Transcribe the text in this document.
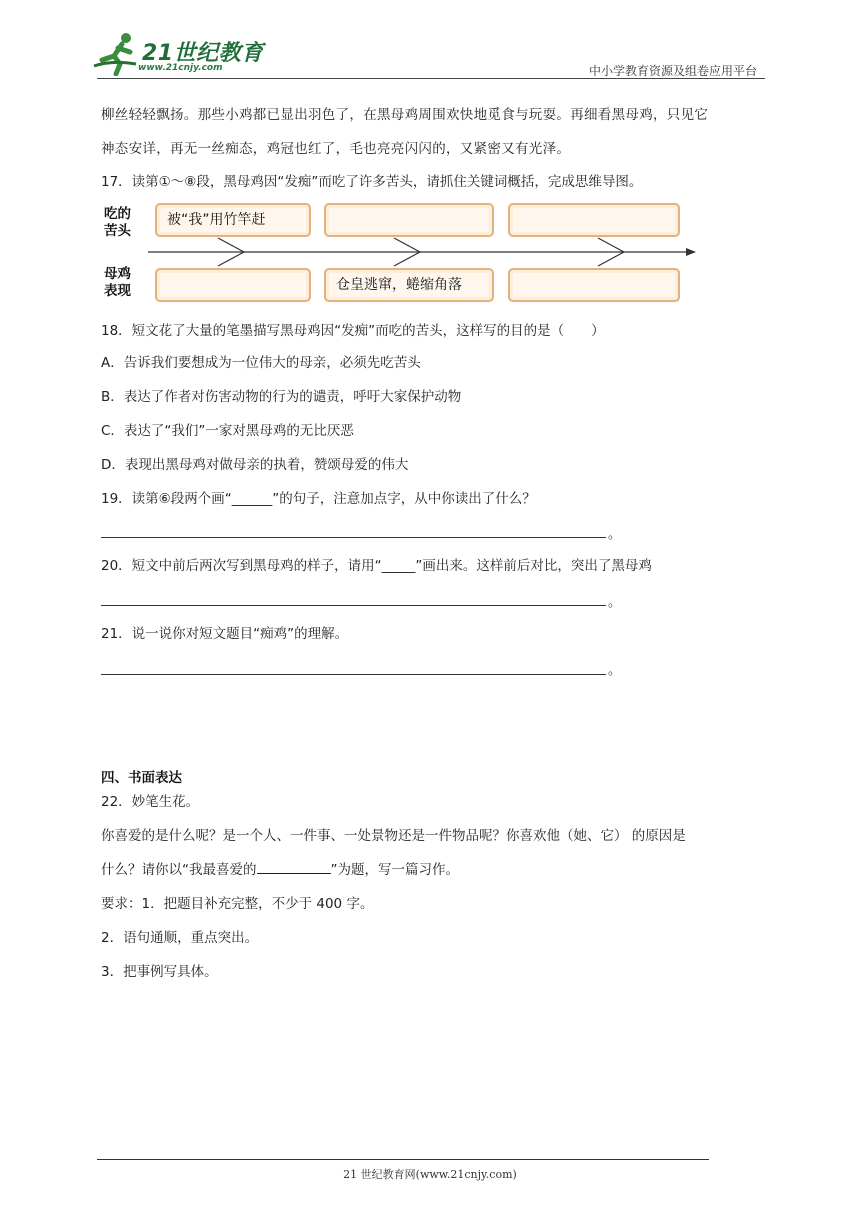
21世纪教育
www.21cnjy.com	中小学教育资源及组卷应用平台
柳丝轻轻飘扬。那些小鸡都已显出羽色了，在黑母鸡周围欢快地觅食与玩耍。再细看黑母鸡，只见它
神态安详，再无一丝痴态，鸡冠也红了，毛也亮亮闪闪的，又紧密又有光泽。
17．读第①～⑧段，黑母鸡因“发痴”而吃了许多苦头，请抓住关键词概括，完成思维导图。
吃的
苦头
母鸡
表现
被“我”用竹竿赶
仓皇逃窜，蜷缩角落
18．短文花了大量的笔墨描写黑母鸡因“发痴”而吃的苦头，这样写的目的是（　　）
A．告诉我们要想成为一位伟大的母亲，必须先吃苦头
B．表达了作者对伤害动物的行为的谴责，呼吁大家保护动物
C．表达了“我们”一家对黑母鸡的无比厌恶
D．表现出黑母鸡对做母亲的执着，赞颂母爱的伟大
19．读第⑥段两个画“______”的句子，注意加点字，从中你读出了什么？
。
20．短文中前后两次写到黑母鸡的样子，请用“_____”画出来。这样前后对比，突出了黑母鸡
。
21．说一说你对短文题目“痴鸡”的理解。
。
四、书面表达
22．妙笔生花。
你喜爱的是什么呢？是一个人、一件事、一处景物还是一件物品呢？你喜欢他（她、它） 的原因是
什么？请你以“我最喜爱的	”为题，写一篇习作。
要求：1．把题目补充完整，不少于 400 字。
2．语句通顺，重点突出。
3．把事例写具体。
21 世纪教育网(www.21cnjy.com)
